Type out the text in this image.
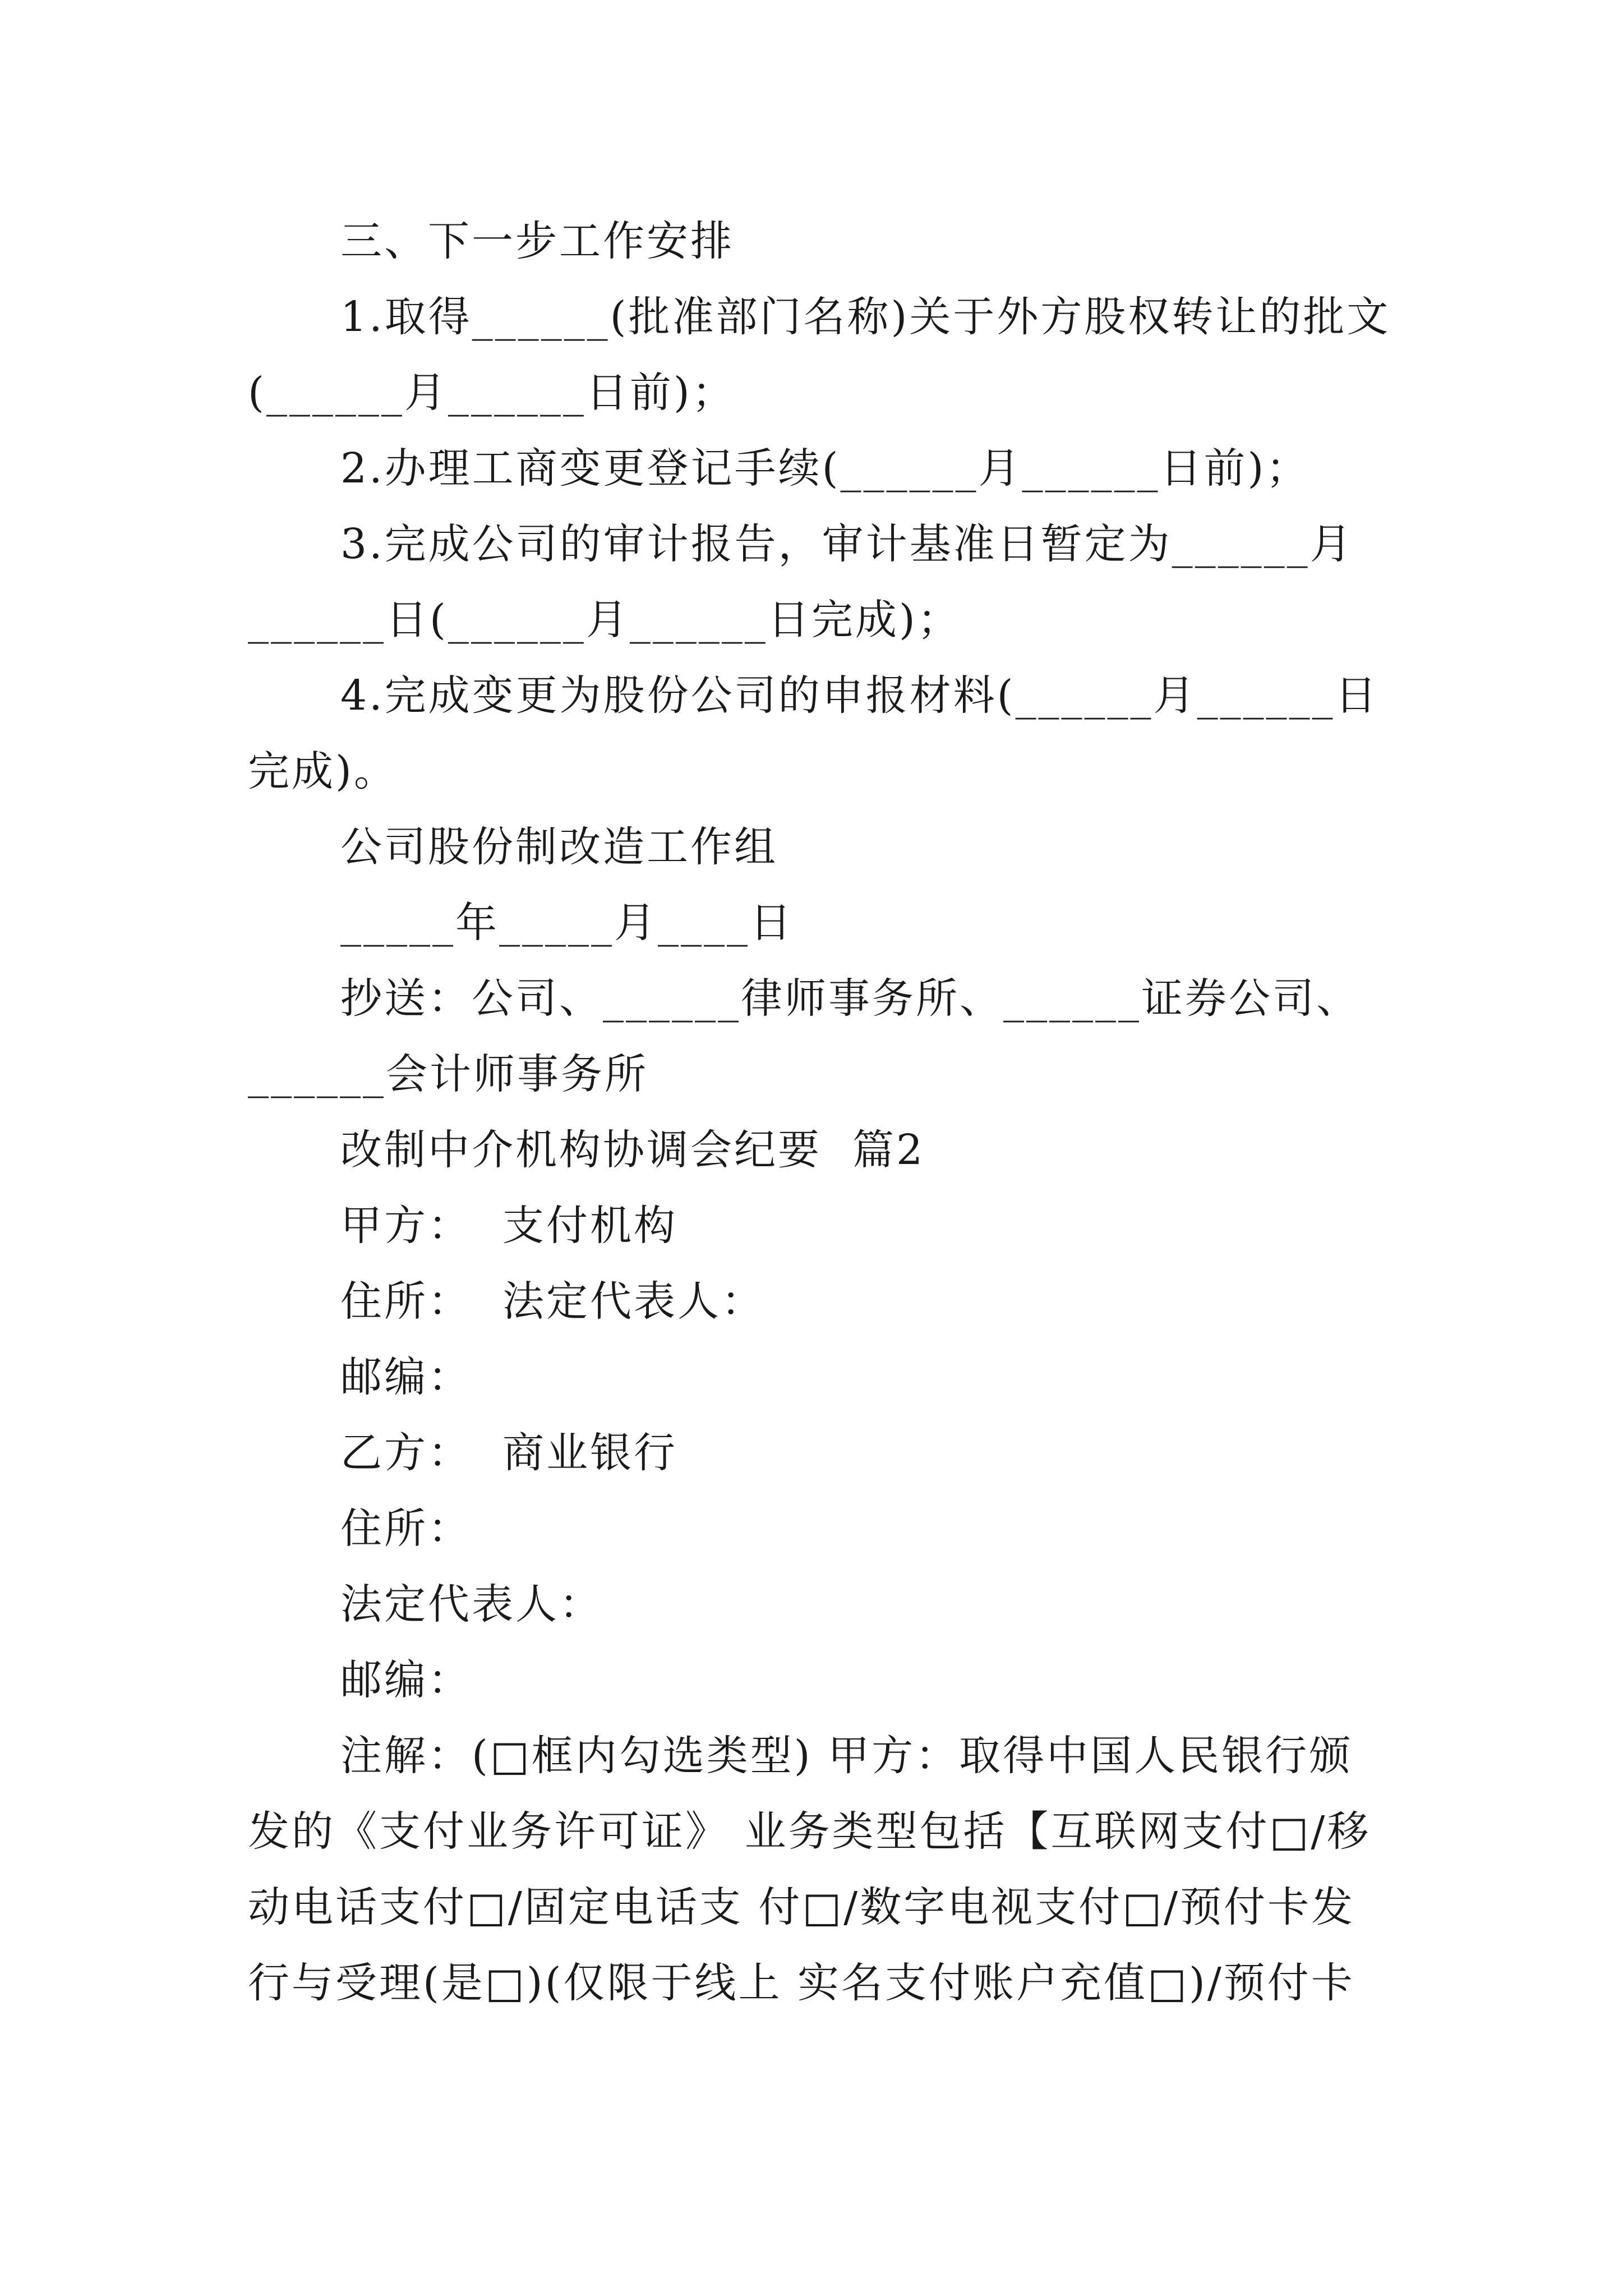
三、下一步工作安排
1.取得______(批准部门名称)关于外方股权转让的批文
(______月______日前)；
2.办理工商变更登记手续(______月______日前)；
3.完成公司的审计报告，审计基准日暂定为______月
______日(______月______日完成)；
4.完成变更为股份公司的申报材料(______月______日
完成)。
公司股份制改造工作组
_____年_____月____日
抄送：公司、______律师事务所、______证券公司、
______会计师事务所
改制中介机构协调会纪要  篇2
甲方：  支付机构
住所：  法定代表人：
邮编：
乙方：  商业银行
住所：
法定代表人：
邮编：
注解：(□框内勾选类型) 甲方：取得中国人民银行颁
发的《支付业务许可证》 业务类型包括【互联网支付□/移
动电话支付□/固定电话支 付□/数字电视支付□/预付卡发
行与受理(是□)(仅限于线上 实名支付账户充值□)/预付卡
